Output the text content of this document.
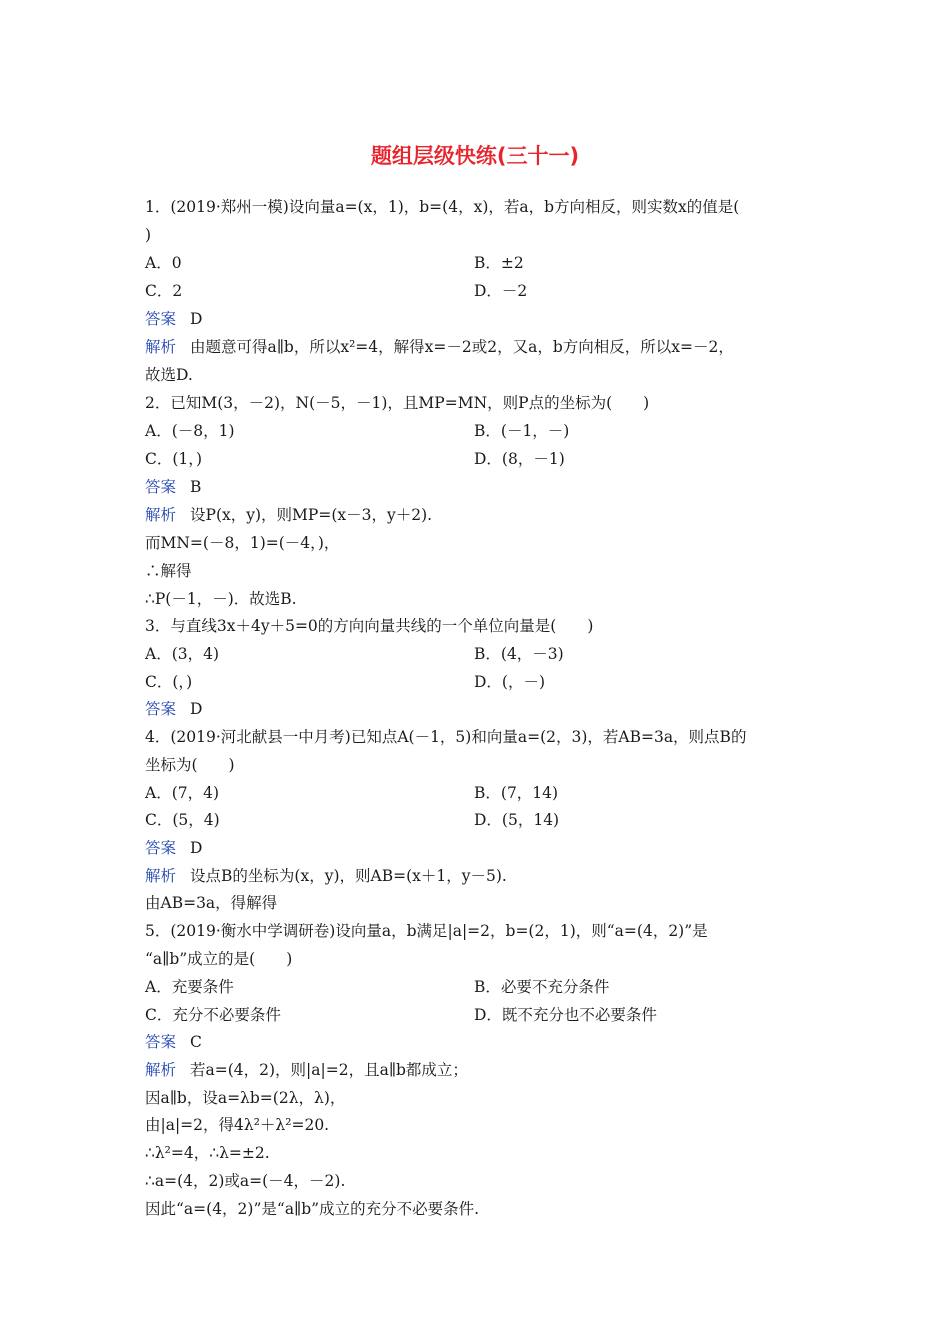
题组层级快练(三十一)
1．(2019·郑州一模)设向量a=(x，1)，b=(4，x)，若a，b方向相反，则实数x的值是(
)
A．0	B．±2
C．2	D．－2
答案 D
解析 由题意可得a∥b，所以x²=4，解得x=－2或2，又a，b方向相反，所以x=－2，
故选D.
2．已知M(3，－2)，N(－5，－1)，且MP=MN，则P点的坐标为(　　)
A．(－8，1)	B．(－1，－)
C．(1，)	D．(8，－1)
答案 B
解析 设P(x，y)，则MP=(x－3，y＋2).
而MN=(－8，1)=(－4，)，
∴解得
∴P(－1，－)．故选B.
3．与直线3x＋4y＋5=0的方向向量共线的一个单位向量是(　　)
A．(3，4)	B．(4，－3)
C．(，)	D．(，－)
答案 D
4．(2019·河北献县一中月考)已知点A(－1，5)和向量a=(2，3)，若AB=3a，则点B的
坐标为(　　)
A．(7，4)	B．(7，14)
C．(5，4)	D．(5，14)
答案 D
解析 设点B的坐标为(x，y)，则AB=(x＋1，y－5).
由AB=3a，得解得
5．(2019·衡水中学调研卷)设向量a，b满足|a|=2，b=(2，1)，则“a=(4，2)”是
“a∥b”成立的是(　　)
A．充要条件	B．必要不充分条件
C．充分不必要条件	D．既不充分也不必要条件
答案 C
解析 若a=(4，2)，则|a|=2，且a∥b都成立；
因a∥b，设a=λb=(2λ，λ)，
由|a|=2，得4λ²＋λ²=20.
∴λ²=4，∴λ=±2.
∴a=(4，2)或a=(－4，－2).
因此“a=(4，2)”是“a∥b”成立的充分不必要条件.
